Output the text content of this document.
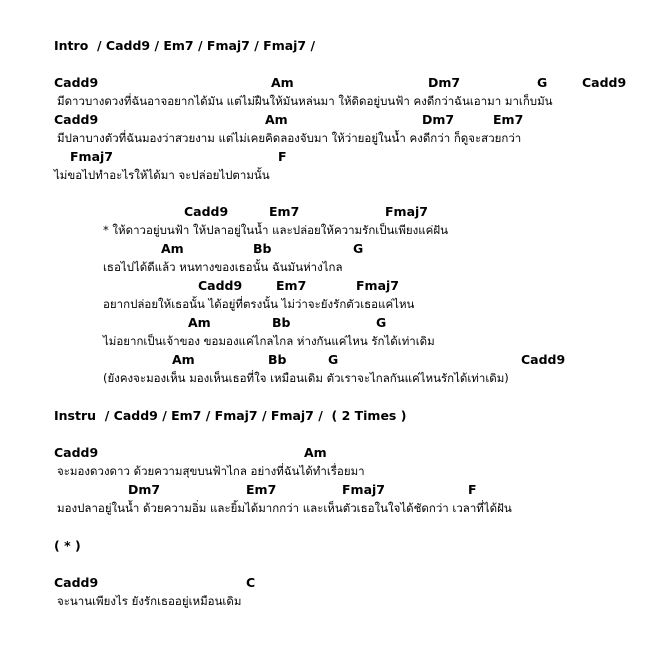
Intro  / Cadd9 / Em7 / Fmaj7 / Fmaj7 /
Cadd9	Am	Dm7	G	Cadd9
มีดาวบางดวงที่ฉันอาจอยากได้มัน แต่ไม่ฝืนให้มันหล่นมา ให้ดิดอยู่บนฟ้า คงดีกว่าฉันเอามา มาเก็บมัน
Cadd9	Am	Dm7	Em7
มีปลาบางตัวที่ฉันมองว่าสวยงาม แต่ไม่เคยคิดลองจับมา ให้ว่ายอยู่ในน้ำ คงดีกว่า ก็ดูจะสวยกว่า
Fmaj7	F
ไม่ขอไปทำอะไรให้ได้มา จะปล่อยไปตามนั้น
Cadd9	Em7	Fmaj7
* ให้ดาวอยู่บนฟ้า ให้ปลาอยู่ในน้ำ และปล่อยให้ความรักเป็นเพียงแค่ฝัน
Am	Bb	G
เธอไปได้ดีแล้ว หนทางของเธอนั้น ฉันมันห่างไกล
Cadd9	Em7	Fmaj7
อยากปล่อยให้เธอนั้น ได้อยู่ที่ตรงนั้น ไม่ว่าจะยังรักตัวเธอแค่ไหน
Am	Bb	G
ไม่อยากเป็นเจ้าของ ขอมองแค่ไกลไกล ห่างกันแค่ไหน รักได้เท่าเดิม
Am	Bb	G	Cadd9
(ยังคงจะมองเห็น มองเห็นเธอที่ใจ เหมือนเดิม ตัวเราจะไกลกันแค่ไหนรักได้เท่าเดิม)
Instru  / Cadd9 / Em7 / Fmaj7 / Fmaj7 /  ( 2 Times )
Cadd9	Am
จะมองดวงดาว ด้วยความสุขบนฟ้าไกล อย่างที่ฉันได้ทำเรื่อยมา
Dm7	Em7	Fmaj7	F
มองปลาอยู่ในน้ำ ด้วยความอิ่ม และยิ้มได้มากกว่า และเห็นตัวเธอในใจได้ชัดกว่า เวลาที่ได้ฝัน
( * )
Cadd9	C
จะนานเพียงไร ยังรักเธออยู่เหมือนเดิม
